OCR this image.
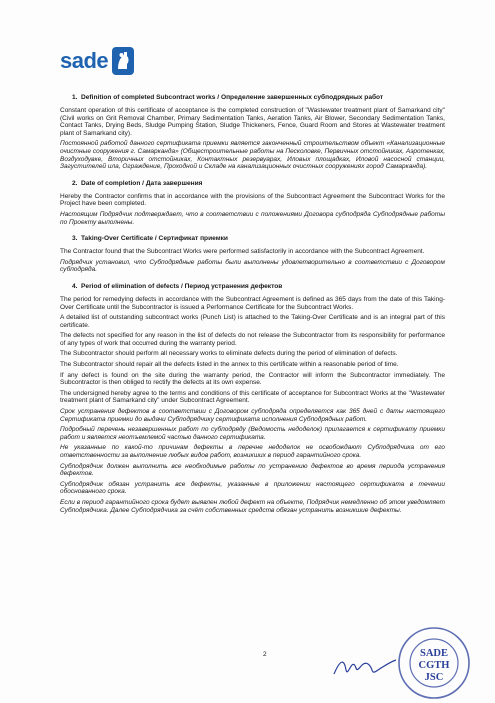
sade
1. Definition of completed Subcontract works / Определение завершенных субподрядных работ

Constant operation of this certificate of acceptance is the completed construction of "Wastewater treatment plant of Samarkand city" (Civil works on Grit Removal Chamber, Primary Sedimentation Tanks, Aeration Tanks, Air Blower, Secondary Sedimentation Tanks, Contact Tanks, Drying Beds, Sludge Pumping Station, Sludge Thickeners, Fence, Guard Room and Stores at Wastewater treatment plant of Samarkand city).

Постоянной работой данного сертификата приемки является законченный строительством объект «Канализационные очистные сооружения г. Самарканда» (Общестроительные работы на Песколовке, Первичных отстойниках, Аэротенках, Воздуходувке, Вторичных отстойниках, Контактных резервуарах, Иловых площадках, Иловой насосной станции, Загустителей ила, Ограждение, Проходной и Складе на канализационных очистных сооружениях город Самарканда).

2. Date of completion / Дата завершения

Hereby the Contractor confirms that in accordance with the provisions of the Subcontract Agreement the Subcontract Works for the Project have been completed.

Настоящим Подрядчик подтверждает, что в соответствии с положениями Договора субподряда Субподрядные работы по Проекту выполнены.

3. Taking-Over Certificate / Сертификат приемки

The Contractor found that the Subcontract Works were performed satisfactorily in accordance with the Subcontract Agreement.

Подрядчик установил, что Субподрядные работы были выполнены удовлетворительно в соответствии с Договором субподряда.

4. Period of elimination of defects / Период устранения дефектов

The period for remedying defects in accordance with the Subcontract Agreement is defined as 365 days from the date of this Taking-Over Certificate until the Subcontractor is issued a Performance Certificate for the Subcontract Works.

A detailed list of outstanding subcontract works (Punch List) is attached to the Taking-Over Certificate and is an integral part of this certificate.

The defects not specified for any reason in the list of defects do not release the Subcontractor from its responsibility for performance of any types of work that occurred during the warranty period.

The Subcontractor should perform all necessary works to eliminate defects during the period of elimination of defects.

The Subcontractor should repair all the defects listed in the annex to this certificate within a reasonable period of time.

If any defect is found on the site during the warranty period, the Contractor will inform the Subcontractor immediately. The Subcontractor is then obliged to rectify the defects at its own expense.

The undersigned hereby agree to the terms and conditions of this certificate of acceptance for Subcontract Works at the "Wastewater treatment plant of Samarkand city" under Subcontract Agreement.

Срок устранения дефектов в соответствии с Договором субподряда определяется как 365 дней с даты настоящего Сертификата приемки до выдачи Субподрядчику сертификата исполнения Субподрядных работ.

Подробный перечень незавершенных работ по субподряду (Ведомость недоделок) прилагается к сертификату приемки работ и является неотъемлемой частью данного сертификата.

Не указанные по какой-то причинам дефекты в перечне недоделок не освобождают Субподрядчика от его ответственности за выполнение любых видов работ, возникших в период гарантийного срока.

Субподрядчик должен выполнить все необходимые работы по устранению дефектов во время периода устранения дефектов.

Субподрядчик обязан устранить все дефекты, указанные в приложении настоящего сертификата в течении обоснованного срока.

Если в период гарантийного срока будет выявлен любой дефект на объекте, Подрядчик немедленно об этом уведомляет Субподрядчика. Далее Субподрядчика за счёт собственных средств обязан устранить возникшие дефекты.

2	SADE
CGTH
JSC
